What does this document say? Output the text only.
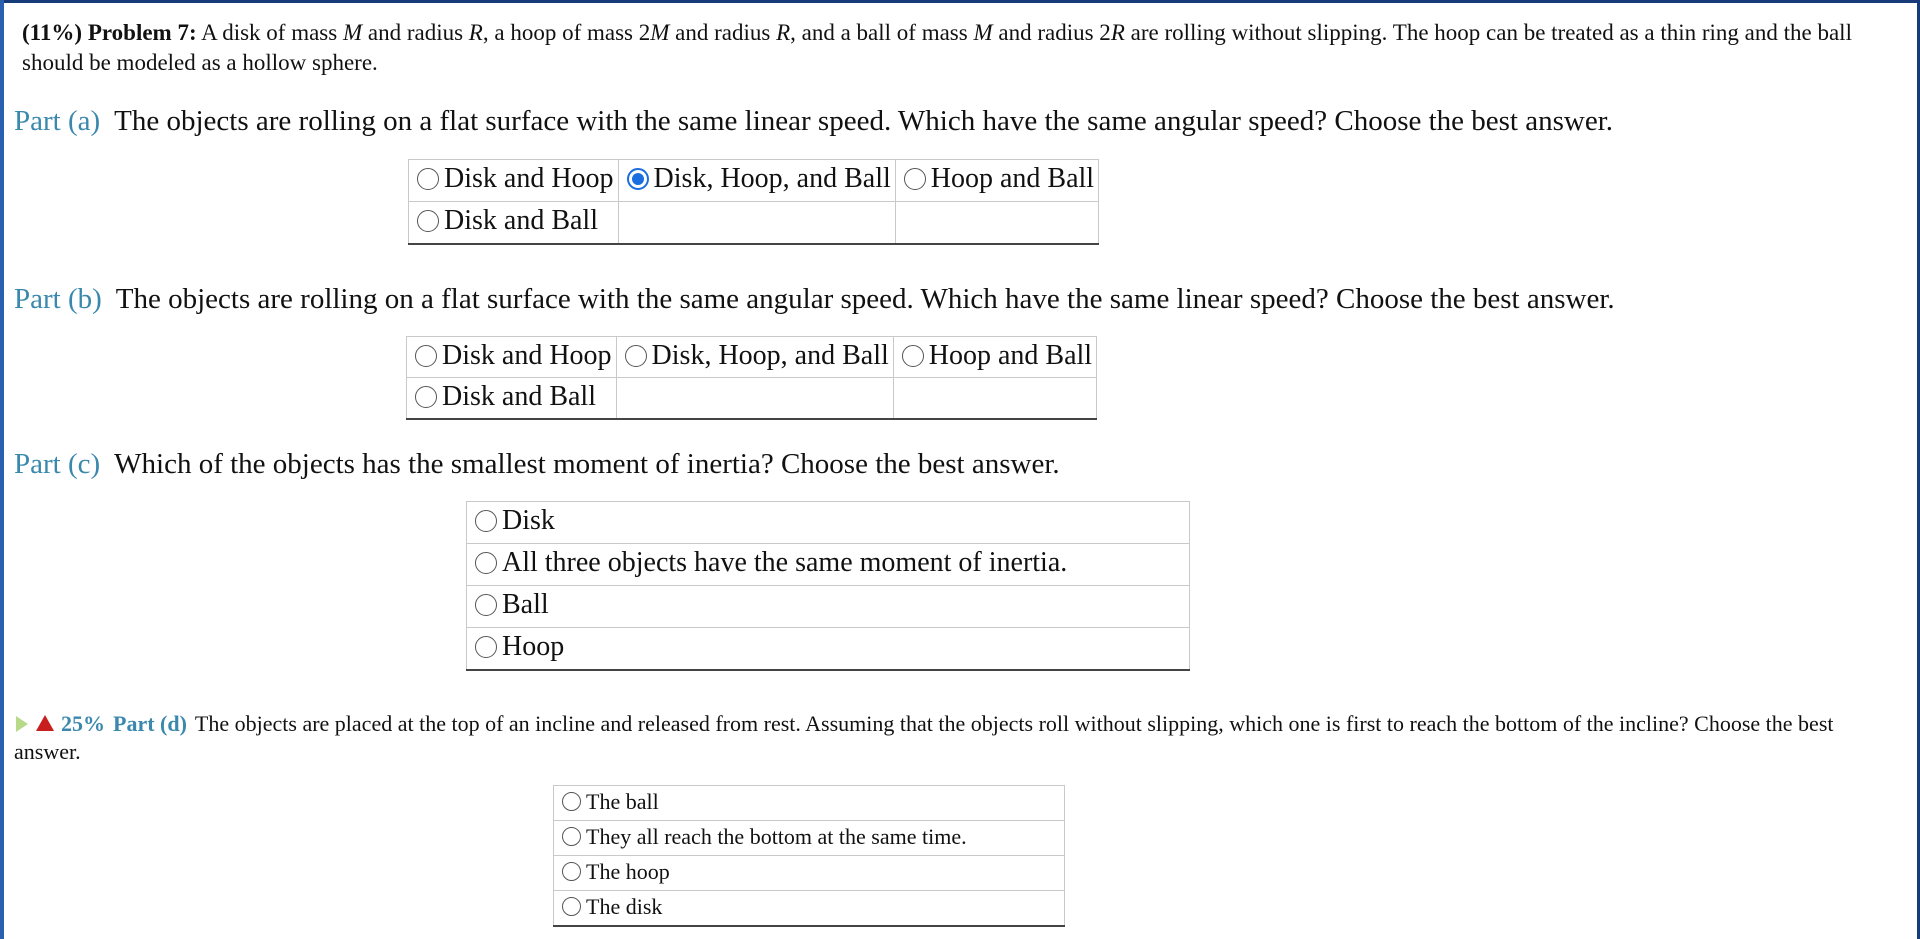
(11%) Problem 7: A disk of mass M and radius R, a hoop of mass 2M and radius R, and a ball of mass M and radius 2R are rolling without slipping. The hoop can be treated as a thin ring and the ball should be modeled as a hollow sphere.
Part (a) The objects are rolling on a flat surface with the same linear speed. Which have the same angular speed? Choose the best answer.
Disk and Hoop	Disk, Hoop, and Ball	Hoop and Ball

Disk and Ball		

Part (b) The objects are rolling on a flat surface with the same angular speed. Which have the same linear speed? Choose the best answer.
Disk and Hoop	Disk, Hoop, and Ball	Hoop and Ball

Disk and Ball		

Part (c) Which of the objects has the smallest moment of inertia? Choose the best answer.
Disk

All three objects have the same moment of inertia.

Ball

Hoop
25% Part (d) The objects are placed at the top of an incline and released from rest. Assuming that the objects roll without slipping, which one is first to reach the bottom of the incline? Choose the best answer.
The ball

They all reach the bottom at the same time.

The hoop

The disk
